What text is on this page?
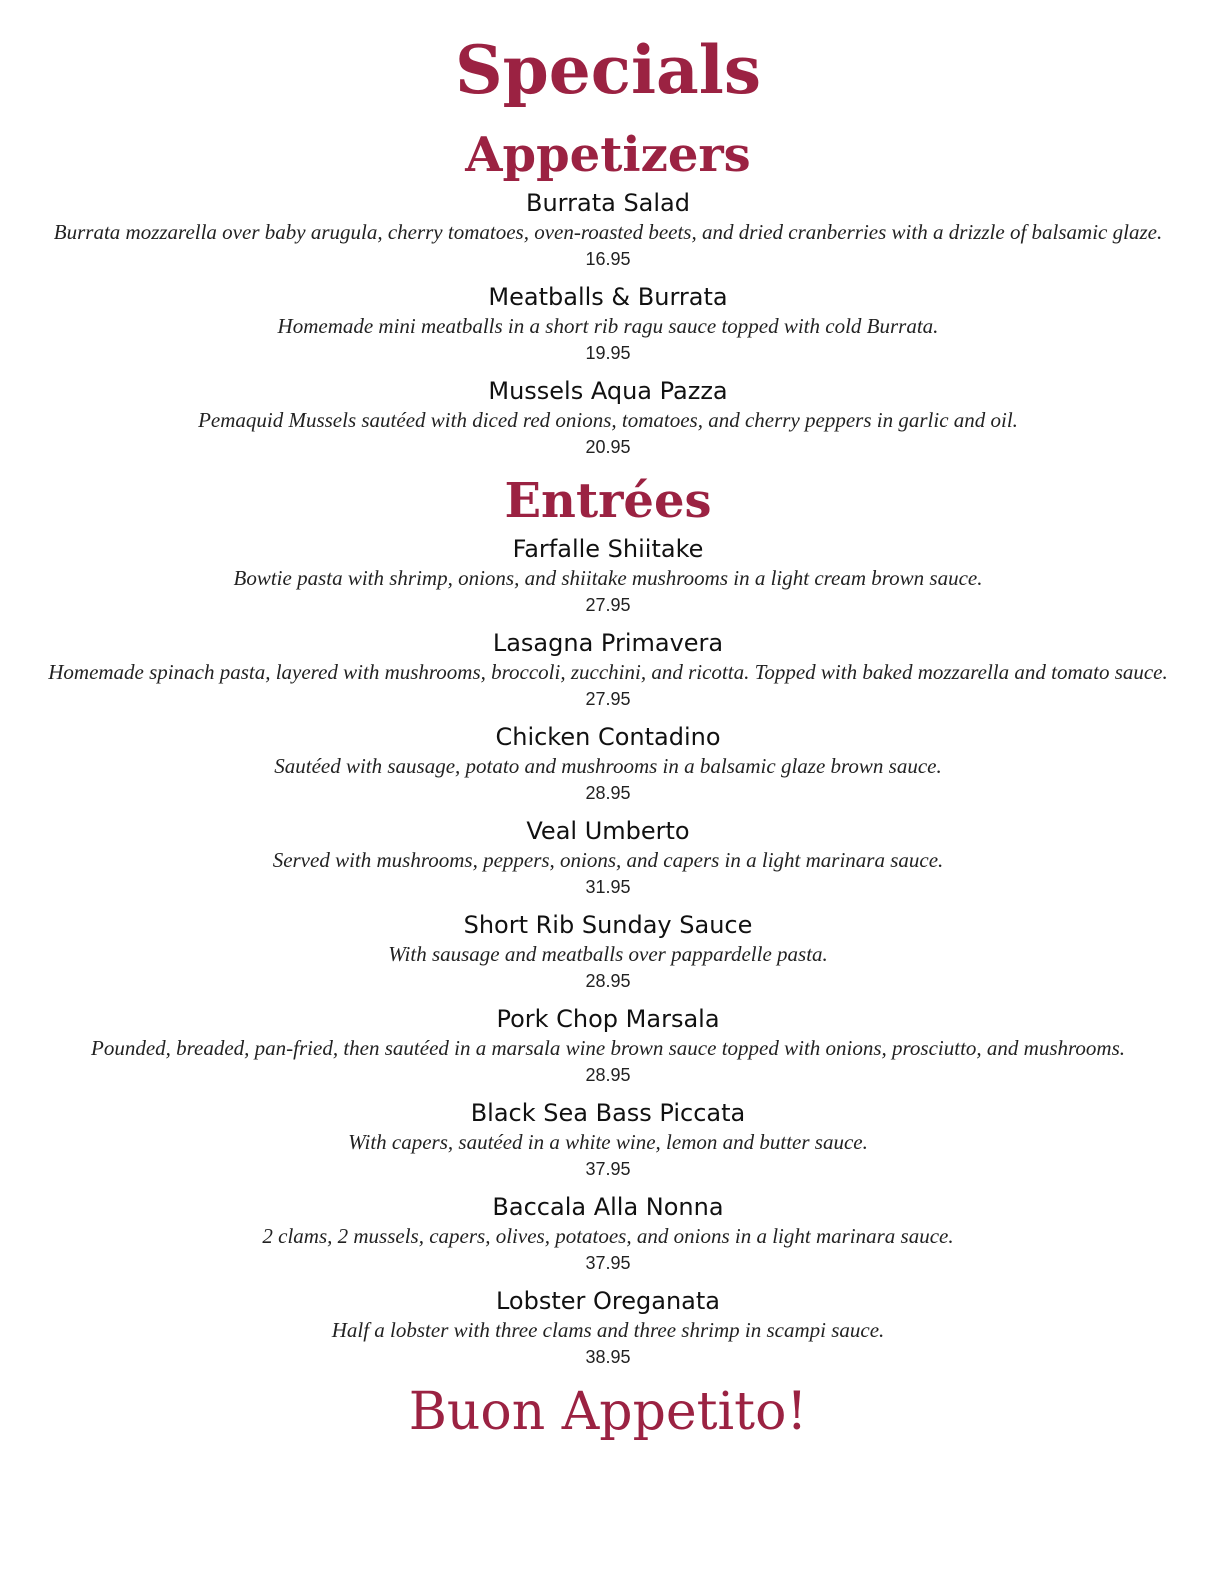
Specials
Appetizers
Burrata Salad
Burrata mozzarella over baby arugula, cherry tomatoes, oven-roasted beets, and dried cranberries with a drizzle of balsamic glaze.
16.95
Meatballs & Burrata
Homemade mini meatballs in a short rib ragu sauce topped with cold Burrata.
19.95
Mussels Aqua Pazza
Pemaquid Mussels sautéed with diced red onions, tomatoes, and cherry peppers in garlic and oil.
20.95
Entrées
Farfalle Shiitake
Bowtie pasta with shrimp, onions, and shiitake mushrooms in a light cream brown sauce.
27.95
Lasagna Primavera
Homemade spinach pasta, layered with mushrooms, broccoli, zucchini, and ricotta. Topped with baked mozzarella and tomato sauce.
27.95
Chicken Contadino
Sautéed with sausage, potato and mushrooms in a balsamic glaze brown sauce.
28.95
Veal Umberto
Served with mushrooms, peppers, onions, and capers in a light marinara sauce.
31.95
Short Rib Sunday Sauce
With sausage and meatballs over pappardelle pasta.
28.95
Pork Chop Marsala
Pounded, breaded, pan-fried, then sautéed in a marsala wine brown sauce topped with onions, prosciutto, and mushrooms.
28.95
Black Sea Bass Piccata
With capers, sautéed in a white wine, lemon and butter sauce.
37.95
Baccala Alla Nonna
2 clams, 2 mussels, capers, olives, potatoes, and onions in a light marinara sauce.
37.95
Lobster Oreganata
Half a lobster with three clams and three shrimp in scampi sauce.
38.95
Buon Appetito!
